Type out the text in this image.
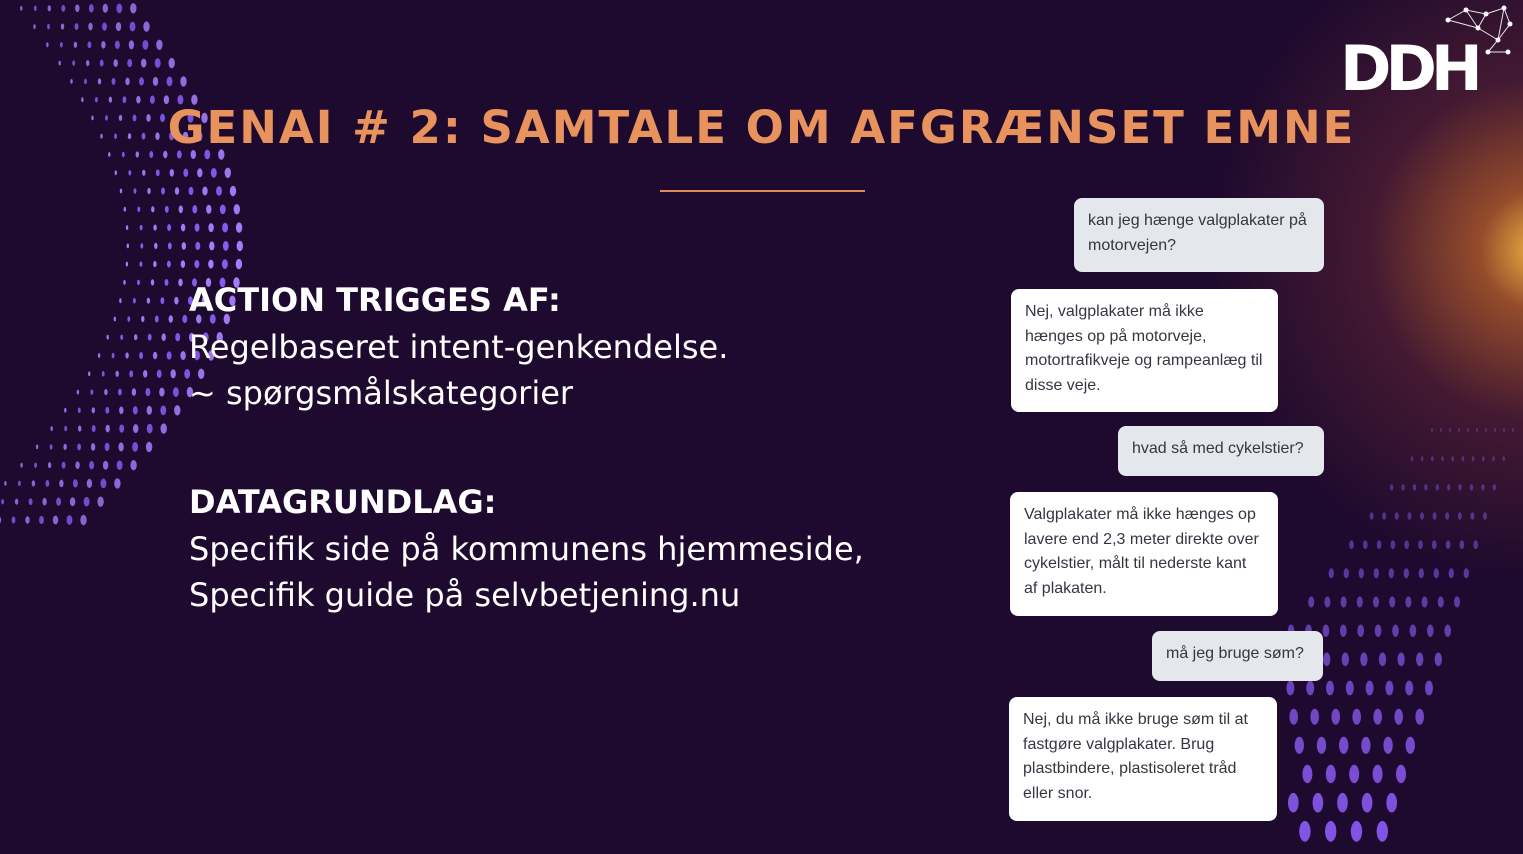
DDH
GENAI # 2: SAMTALE OM AFGRÆNSET EMNE
ACTION TRIGGES AF:
Regelbaseret intent-genkendelse.
~ spørgsmålskategorier
DATAGRUNDLAG:
Specifik side på kommunens hjemmeside,
Specifik guide på selvbetjening.nu
kan jeg hænge valgplakater på motorvejen?
Nej, valgplakater må ikke hænges op på motorveje, motortrafikveje og rampeanlæg til disse veje.
hvad så med cykelstier?
Valgplakater må ikke hænges op lavere end 2,3 meter direkte over cykelstier, målt til nederste kant af plakaten.
må jeg bruge søm?
Nej, du må ikke bruge søm til at fastgøre valgplakater. Brug plastbindere, plastisoleret tråd eller snor.
